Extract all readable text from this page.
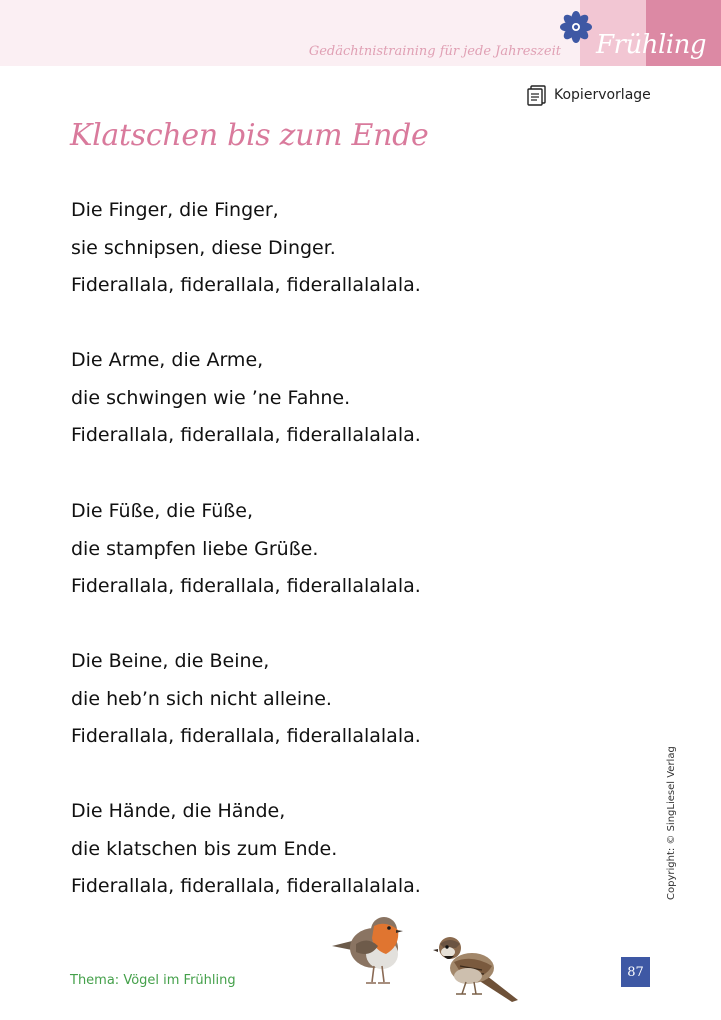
Gedächtnistraining für jede Jahreszeit Frühling
Kopiervorlage
Klatschen bis zum Ende
Die Finger, die Finger,
sie schnipsen, diese Dinger.
Fiderallala, fiderallala, fiderallalalala.
Die Arme, die Arme,
die schwingen wie ’ne Fahne.
Fiderallala, fiderallala, fiderallalalala.
Die Füße, die Füße,
die stampfen liebe Grüße.
Fiderallala, fiderallala, fiderallalalala.
Die Beine, die Beine,
die heb’n sich nicht alleine.
Fiderallala, fiderallala, fiderallalalala.
Die Hände, die Hände,
die klatschen bis zum Ende.
Fiderallala, fiderallala, fiderallalalala.
Thema: Vögel im Frühling
Copyright: © SingLiesel Verlag
87
